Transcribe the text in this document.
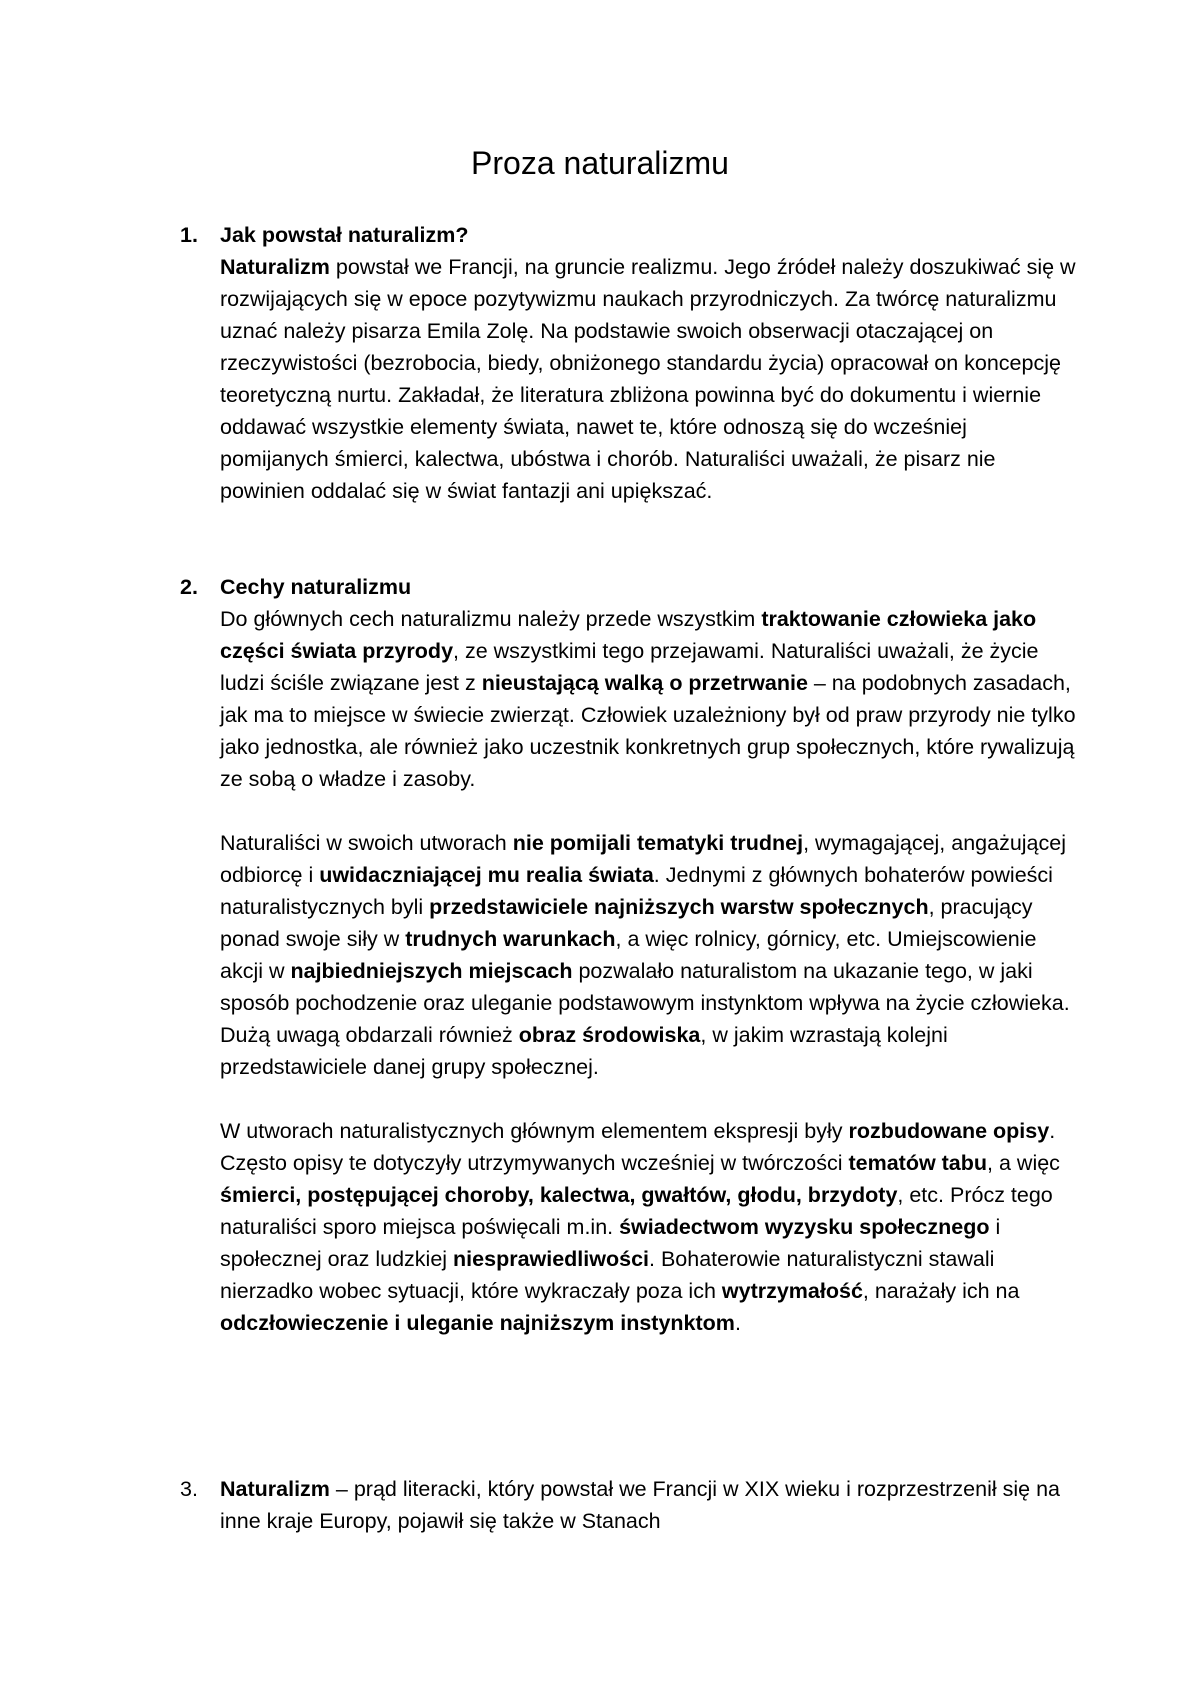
Proza naturalizmu
1.	Jak powstał naturalizm?

Naturalizm powstał we Francji, na gruncie realizmu. Jego źródeł należy doszukiwać się w rozwijających się w epoce pozytywizmu naukach przyrodniczych. Za twórcę naturalizmu uznać należy pisarza Emila Zolę. Na podstawie swoich obserwacji otaczającej on rzeczywistości (bezrobocia, biedy, obniżonego standardu życia) opracował on koncepcję teoretyczną nurtu. Zakładał, że literatura zbliżona powinna być do dokumentu i wiernie oddawać wszystkie elementy świata, nawet te, które odnoszą się do wcześniej pomijanych śmierci, kalectwa, ubóstwa i chorób. Naturaliści uważali, że pisarz nie powinien oddalać się w świat fantazji ani upiększać.

2.	Cechy naturalizmu

Do głównych cech naturalizmu należy przede wszystkim traktowanie człowieka jako części świata przyrody, ze wszystkimi tego przejawami. Naturaliści uważali, że życie ludzi ściśle związane jest z nieustającą walką o przetrwanie – na podobnych zasadach, jak ma to miejsce w świecie zwierząt. Człowiek uzależniony był od praw przyrody nie tylko jako jednostka, ale również jako uczestnik konkretnych grup społecznych, które rywalizują ze sobą o władze i zasoby.

Naturaliści w swoich utworach nie pomijali tematyki trudnej, wymagającej, angażującej odbiorcę i uwidaczniającej mu realia świata. Jednymi z głównych bohaterów powieści naturalistycznych byli przedstawiciele najniższych warstw społecznych, pracujący ponad swoje siły w trudnych warunkach, a więc rolnicy, górnicy, etc. Umiejscowienie akcji w najbiedniejszych miejscach pozwalało naturalistom na ukazanie tego, w jaki sposób pochodzenie oraz uleganie podstawowym instynktom wpływa na życie człowieka. Dużą uwagą obdarzali również obraz środowiska, w jakim wzrastają kolejni przedstawiciele danej grupy społecznej.

W utworach naturalistycznych głównym elementem ekspresji były rozbudowane opisy. Często opisy te dotyczyły utrzymywanych wcześniej w twórczości tematów tabu, a więc śmierci, postępującej choroby, kalectwa, gwałtów, głodu, brzydoty, etc. Prócz tego naturaliści sporo miejsca poświęcali m.in. świadectwom wyzysku społecznego i społecznej oraz ludzkiej niesprawiedliwości. Bohaterowie naturalistyczni stawali nierzadko wobec sytuacji, które wykraczały poza ich wytrzymałość, narażały ich na odczłowieczenie i uleganie najniższym instynktom.

3.	Naturalizm – prąd literacki, który powstał we Francji w XIX wieku i rozprzestrzenił się na inne kraje Europy, pojawił się także w Stanach
